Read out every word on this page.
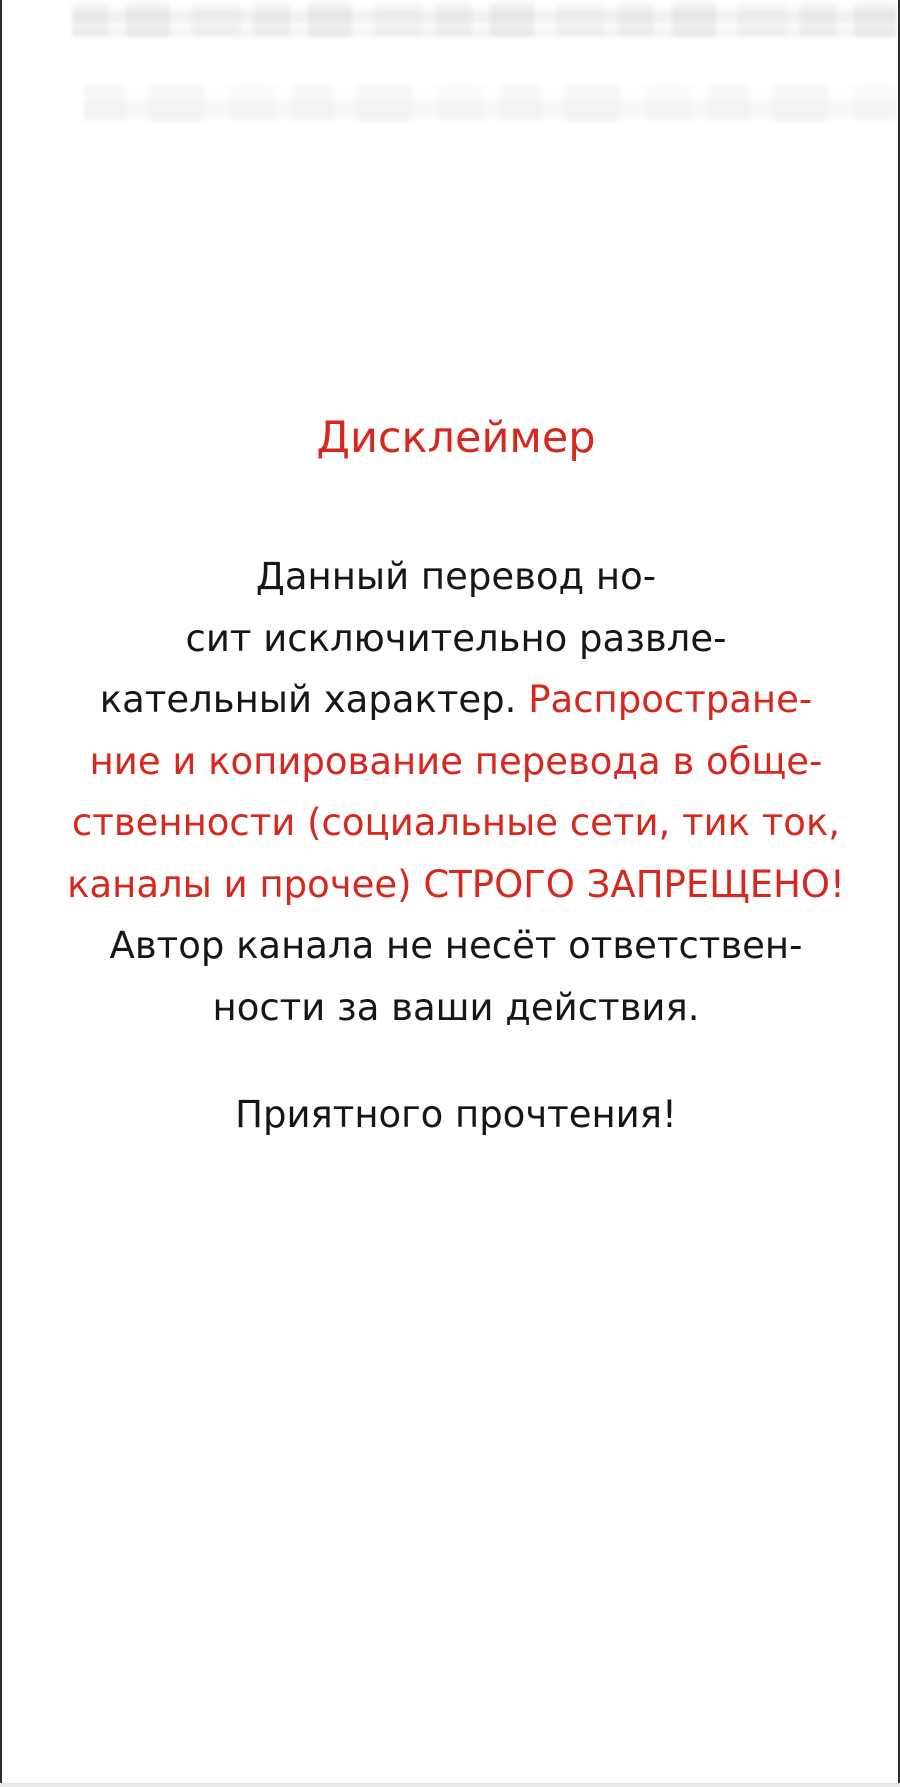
Дисклеймер

Данный перевод но-

сит исключительно развле-

кательный характер. Распростране-

ние и копирование перевода в обще-

ственности (социальные сети, тик ток,

каналы и прочее) СТРОГО ЗАПРЕЩЕНО!

Автор канала не несёт ответствен-

ности за ваши действия.

Приятного прочтения!
